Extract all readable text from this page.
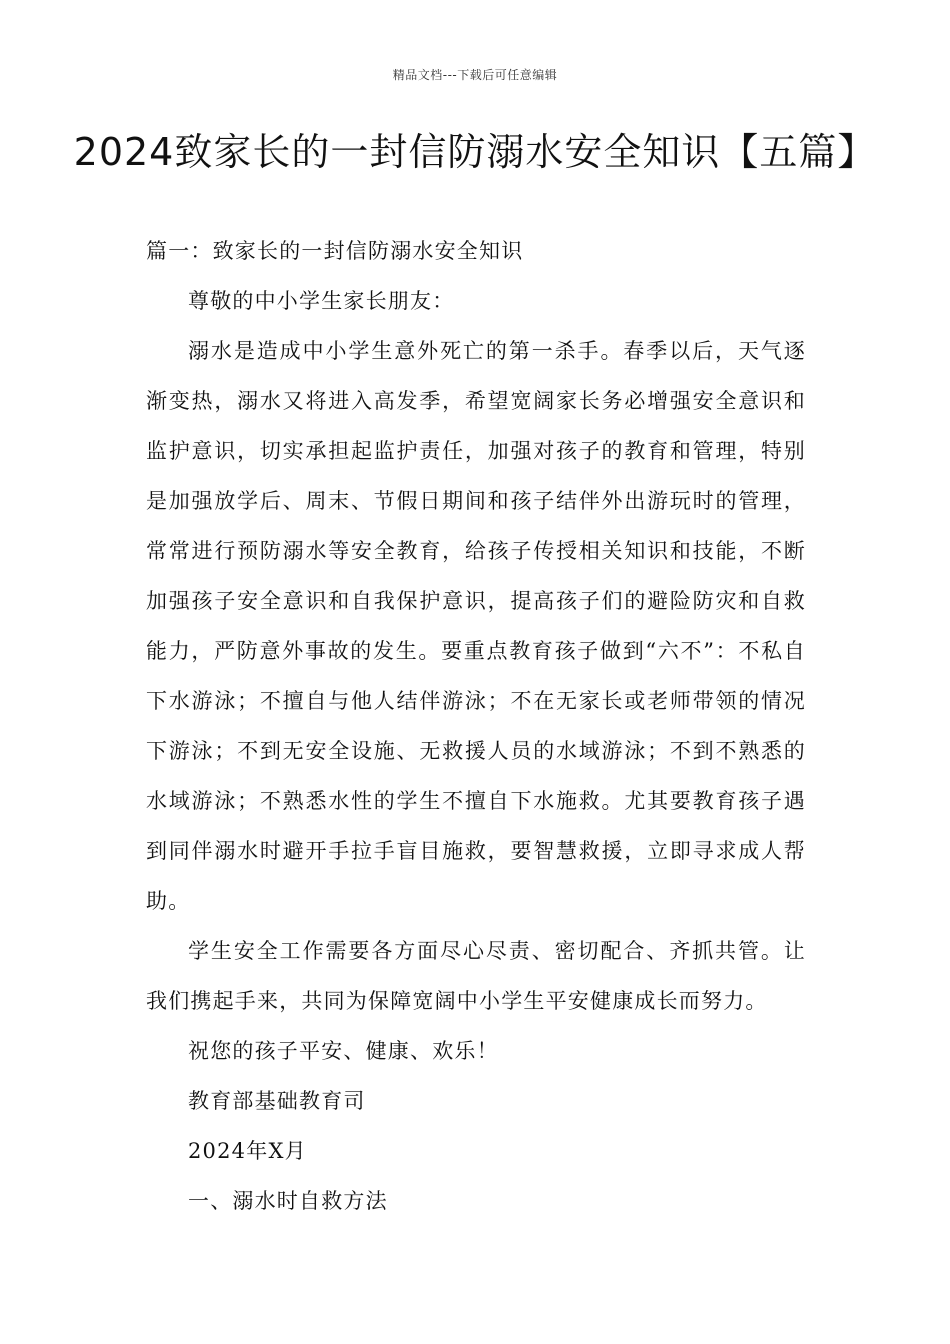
精品文档---下载后可任意编辑
2024致家长的一封信防溺水安全知识【五篇】

篇一：致家长的一封信防溺水安全知识

尊敬的中小学生家长朋友：

溺水是造成中小学生意外死亡的第一杀手。春季以后，天气逐渐变热，溺水又将进入高发季，希望宽阔家长务必增强安全意识和监护意识，切实承担起监护责任，加强对孩子的教育和管理，特别是加强放学后、周末、节假日期间和孩子结伴外出游玩时的管理，常常进行预防溺水等安全教育，给孩子传授相关知识和技能，不断加强孩子安全意识和自我保护意识，提高孩子们的避险防灾和自救能力，严防意外事故的发生。要重点教育孩子做到“六不”：不私自下水游泳；不擅自与他人结伴游泳；不在无家长或老师带领的情况下游泳；不到无安全设施、无救援人员的水域游泳；不到不熟悉的水域游泳；不熟悉水性的学生不擅自下水施救。尤其要教育孩子遇到同伴溺水时避开手拉手盲目施救，要智慧救援，立即寻求成人帮助。

学生安全工作需要各方面尽心尽责、密切配合、齐抓共管。让我们携起手来，共同为保障宽阔中小学生平安健康成长而努力。

祝您的孩子平安、健康、欢乐！

教育部基础教育司

2024年X月

一、溺水时自救方法
